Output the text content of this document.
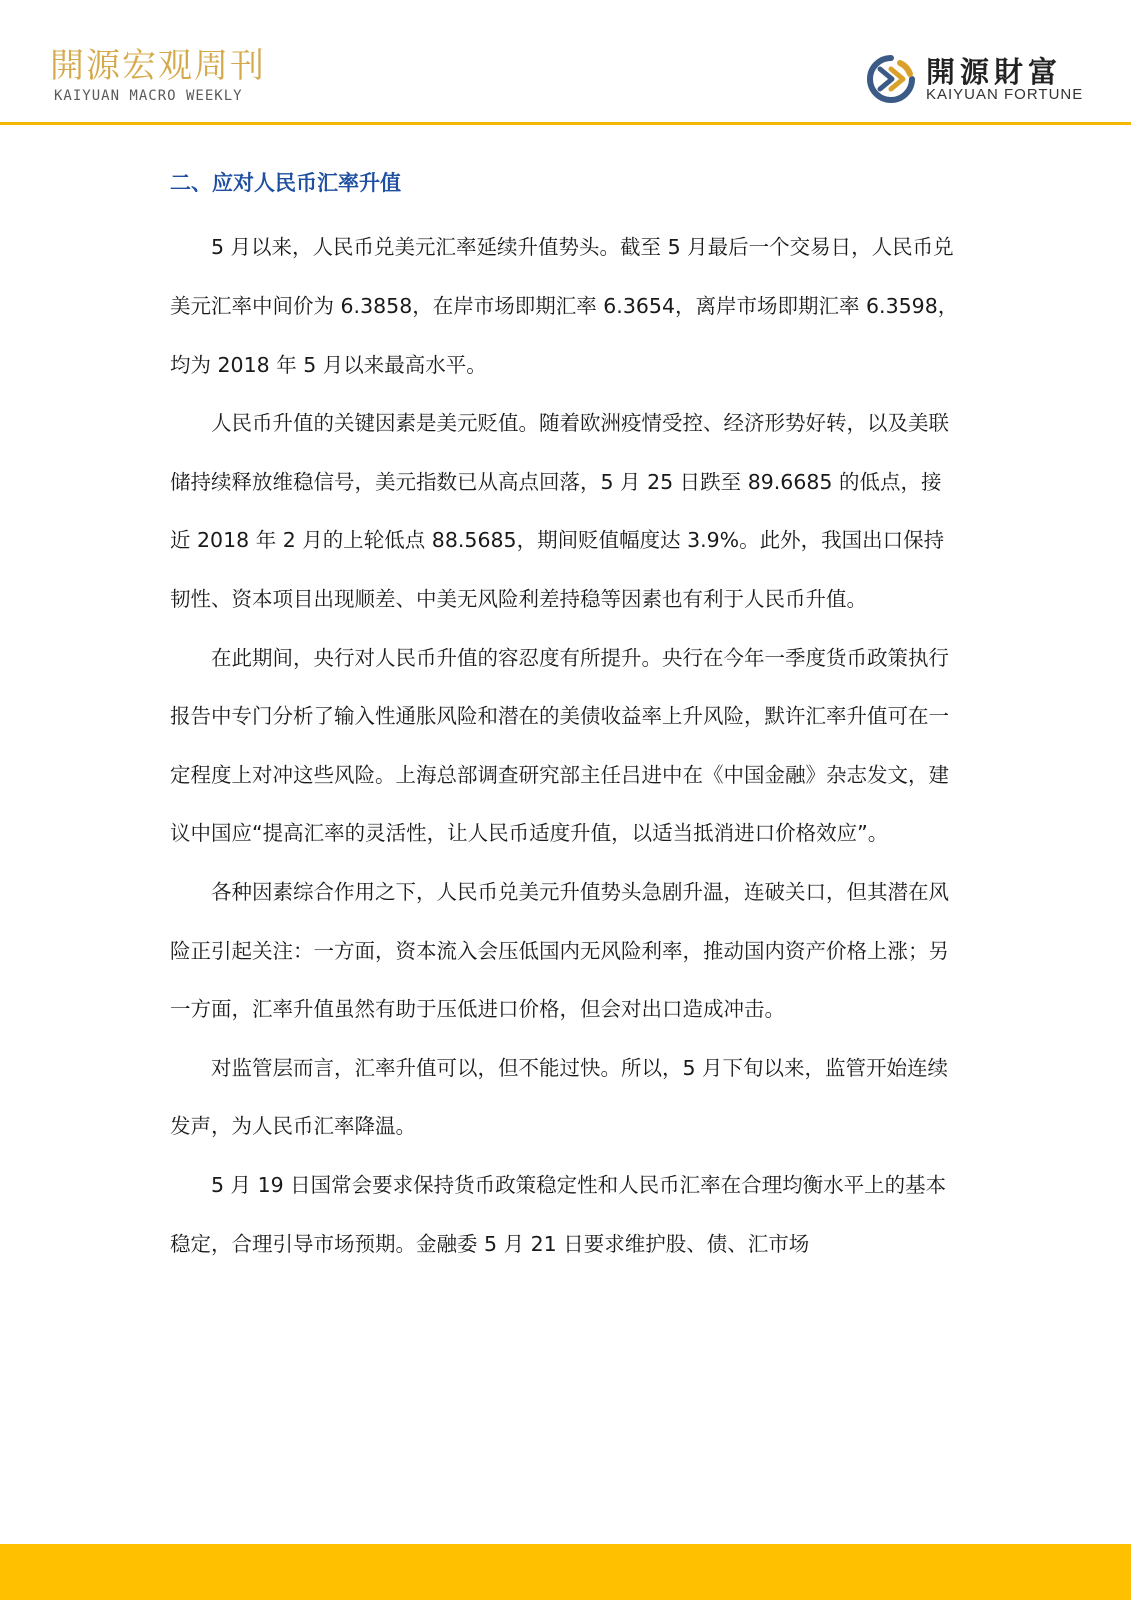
開源宏观周刊
KAIYUAN MACRO WEEKLY
開源財富
KAIYUAN FORTUNE
二、应对人民币汇率升值

5 月以来，人民币兑美元汇率延续升值势头。截至 5 月最后一个交易日，人民币兑美元汇率中间价为 6.3858，在岸市场即期汇率 6.3654，离岸市场即期汇率 6.3598，均为 2018 年 5 月以来最高水平。

人民币升值的关键因素是美元贬值。随着欧洲疫情受控、经济形势好转，以及美联储持续释放维稳信号，美元指数已从高点回落，5 月 25 日跌至 89.6685 的低点，接近 2018 年 2 月的上轮低点 88.5685，期间贬值幅度达 3.9%。此外，我国出口保持韧性、资本项目出现顺差、中美无风险利差持稳等因素也有利于人民币升值。

在此期间，央行对人民币升值的容忍度有所提升。央行在今年一季度货币政策执行报告中专门分析了输入性通胀风险和潜在的美债收益率上升风险，默许汇率升值可在一定程度上对冲这些风险。上海总部调查研究部主任吕进中在《中国金融》杂志发文，建议中国应“提高汇率的灵活性，让人民币适度升值，以适当抵消进口价格效应”。

各种因素综合作用之下，人民币兑美元升值势头急剧升温，连破关口，但其潜在风险正引起关注：一方面，资本流入会压低国内无风险利率，推动国内资产价格上涨；另一方面，汇率升值虽然有助于压低进口价格，但会对出口造成冲击。

对监管层而言，汇率升值可以，但不能过快。所以，5 月下旬以来，监管开始连续发声，为人民币汇率降温。

5 月 19 日国常会要求保持货币政策稳定性和人民币汇率在合理均衡水平上的基本稳定，合理引导市场预期。金融委 5 月 21 日要求维护股、债、汇市场
